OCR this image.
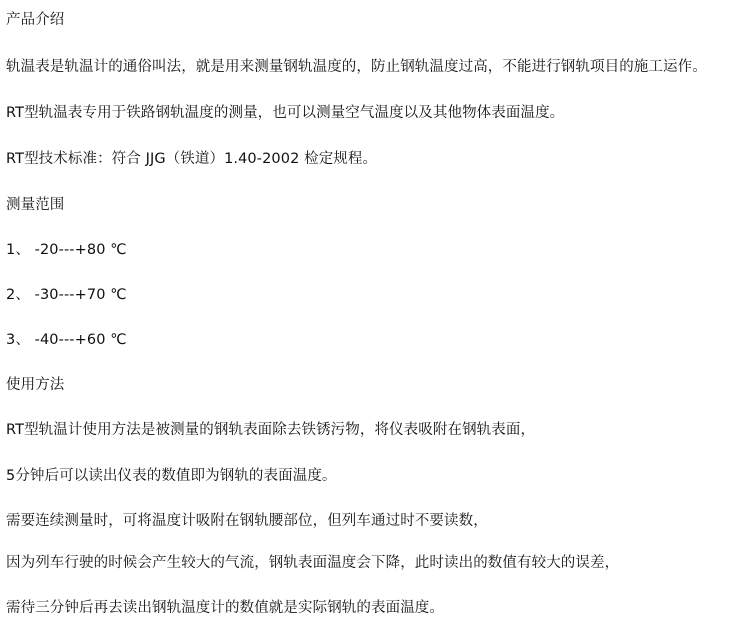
产品介绍
轨温表是轨温计的通俗叫法，就是用来测量钢轨温度的，防止钢轨温度过高，不能进行钢轨项目的施工运作。
RT型轨温表专用于铁路钢轨温度的测量，也可以测量空气温度以及其他物体表面温度。
RT型技术标准：符合 JJG（铁道）1.40-2002 检定规程。
测量范围
1、 -20---+80 ℃
2、 -30---+70 ℃
3、 -40---+60 ℃
使用方法
RT型轨温计使用方法是被测量的钢轨表面除去铁锈污物，将仪表吸附在钢轨表面，
5分钟后可以读出仪表的数值即为钢轨的表面温度。
需要连续测量时，可将温度计吸附在钢轨腰部位，但列车通过时不要读数，
因为列车行驶的时候会产生较大的气流，钢轨表面温度会下降，此时读出的数值有较大的误差，
需待三分钟后再去读出钢轨温度计的数值就是实际钢轨的表面温度。
